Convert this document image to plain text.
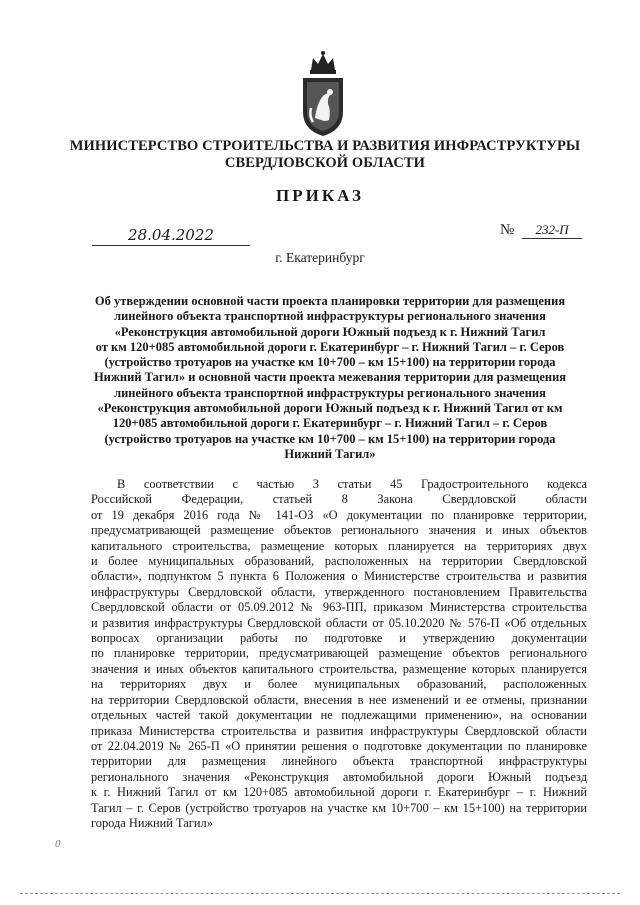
МИНИСТЕРСТВО СТРОИТЕЛЬСТВА И РАЗВИТИЯ ИНФРАСТРУКТУРЫ
СВЕРДЛОВСКОЙ ОБЛАСТИ
ПРИКАЗ
28.04.2022	№ 232-П
г. Екатеринбург
Об утверждении основной части проекта планировки территории для размещения
линейного объекта транспортной инфраструктуры регионального значения
«Реконструкция автомобильной дороги Южный подъезд к г. Нижний Тагил
от км 120+085 автомобильной дороги г. Екатеринбург – г. Нижний Тагил – г. Серов
(устройство тротуаров на участке км 10+700 – км 15+100) на территории города
Нижний Тагил» и основной части проекта межевания территории для размещения
линейного объекта транспортной инфраструктуры регионального значения
«Реконструкция автомобильной дороги Южный подъезд к г. Нижний Тагил от км
120+085 автомобильной дороги г. Екатеринбург – г. Нижний Тагил – г. Серов
(устройство тротуаров на участке км 10+700 – км 15+100) на территории города
Нижний Тагил»
В соответствии с частью 3 статьи 45 Градостроительного кодекса
Российской Федерации, статьей 8 Закона Свердловской области
от 19 декабря 2016 года № 141-ОЗ «О документации по планировке территории,
предусматривающей размещение объектов регионального значения и иных объектов
капитального строительства, размещение которых планируется на территориях двух
и более муниципальных образований, расположенных на территории Свердловской
области», подпунктом 5 пункта 6 Положения о Министерстве строительства и развития
инфраструктуры Свердловской области, утвержденного постановлением Правительства
Свердловской области от 05.09.2012 № 963-ПП, приказом Министерства строительства
и развития инфраструктуры Свердловской области от 05.10.2020 № 576-П «Об отдельных
вопросах организации работы по подготовке и утверждению документации
по планировке территории, предусматривающей размещение объектов регионального
значения и иных объектов капитального строительства, размещение которых планируется
на территориях двух и более муниципальных образований, расположенных
на территории Свердловской области, внесения в нее изменений и ее отмены, признании
отдельных частей такой документации не подлежащими применению», на основании
приказа Министерства строительства и развития инфраструктуры Свердловской области
от 22.04.2019 № 265-П «О принятии решения о подготовке документации по планировке
территории для размещения линейного объекта транспортной инфраструктуры
регионального значения «Реконструкция автомобильной дороги Южный подъезд
к г. Нижний Тагил от км 120+085 автомобильной дороги г. Екатеринбург – г. Нижний
Тагил – г. Серов (устройство тротуаров на участке км 10+700 – км 15+100) на территории
города Нижний Тагил»
0
